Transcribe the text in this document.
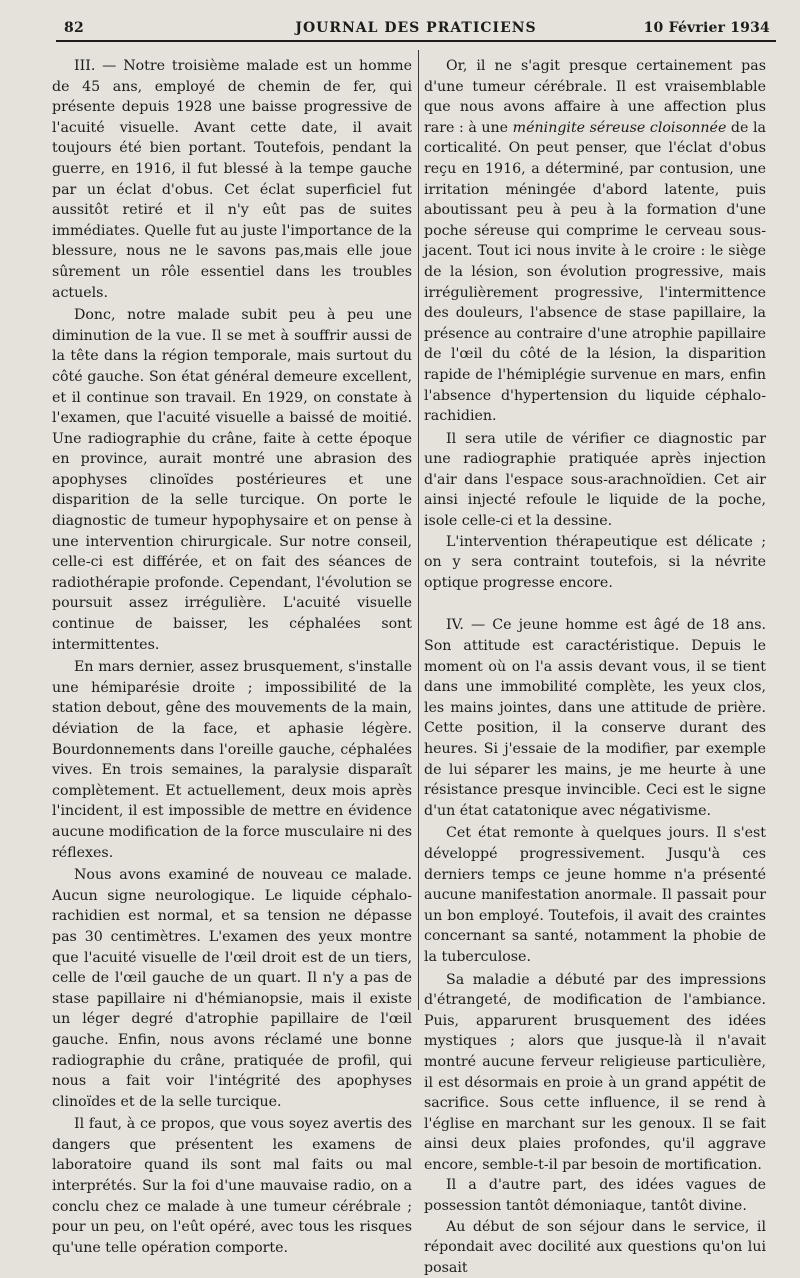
82	JOURNAL DES PRATICIENS	10 Février 1934

III. — Notre troisième malade est un homme de 45 ans, employé de chemin de fer, qui présente depuis 1928 une baisse progressive de l'acuité visuelle. Avant cette date, il avait toujours été bien portant. Toutefois, pendant la guerre, en 1916, il fut blessé à la tempe gauche par un éclat d'obus. Cet éclat superficiel fut aussitôt retiré et il n'y eût pas de suites immédiates. Quelle fut au juste l'importance de la blessure, nous ne le savons pas,mais elle joue sûrement un rôle essentiel dans les troubles actuels.

Donc, notre malade subit peu à peu une diminution de la vue. Il se met à souffrir aussi de la tête dans la région temporale, mais surtout du côté gauche. Son état général demeure excellent, et il continue son travail. En 1929, on constate à l'examen, que l'acuité visuelle a baissé de moitié. Une radiographie du crâne, faite à cette époque en province, aurait montré une abrasion des apophyses clinoïdes postérieures et une disparition de la selle turcique. On porte le diagnostic de tumeur hypophysaire et on pense à une intervention chirurgicale. Sur notre conseil, celle-ci est différée, et on fait des séances de radiothérapie profonde. Cependant, l'évolution se poursuit assez irrégulière. L'acuité visuelle continue de baisser, les céphalées sont intermittentes.

En mars dernier, assez brusquement, s'installe une hémiparésie droite ; impossibilité de la station debout, gêne des mouvements de la main, déviation de la face, et aphasie légère. Bourdonnements dans l'oreille gauche, céphalées vives. En trois semaines, la paralysie disparaît complètement. Et actuellement, deux mois après l'incident, il est impossible de mettre en évidence aucune modification de la force musculaire ni des réflexes.

Nous avons examiné de nouveau ce malade. Aucun signe neurologique. Le liquide céphalo-rachidien est normal, et sa tension ne dépasse pas 30 centimètres. L'examen des yeux montre que l'acuité visuelle de l'œil droit est de un tiers, celle de l'œil gauche de un quart. Il n'y a pas de stase papillaire ni d'hémianopsie, mais il existe un léger degré d'atrophie papillaire de l'œil gauche. Enfin, nous avons réclamé une bonne radiographie du crâne, pratiquée de profil, qui nous a fait voir l'intégrité des apophyses clinoïdes et de la selle turcique.

Il faut, à ce propos, que vous soyez avertis des dangers que présentent les examens de laboratoire quand ils sont mal faits ou mal interprétés. Sur la foi d'une mauvaise radio, on a conclu chez ce malade à une tumeur cérébrale ; pour un peu, on l'eût opéré, avec tous les risques qu'une telle opération comporte.

Or, il ne s'agit presque certainement pas d'une tumeur cérébrale. Il est vraisemblable que nous avons affaire à une affection plus rare : à une méningite séreuse cloisonnée de la corticalité. On peut penser, que l'éclat d'obus reçu en 1916, a déterminé, par contusion, une irritation méningée d'abord latente, puis aboutissant peu à peu à la formation d'une poche séreuse qui comprime le cerveau sous-jacent. Tout ici nous invite à le croire : le siège de la lésion, son évolution progressive, mais irrégulièrement progressive, l'intermittence des douleurs, l'absence de stase papillaire, la présence au contraire d'une atrophie papillaire de l'œil du côté de la lésion, la disparition rapide de l'hémiplégie survenue en mars, enfin l'absence d'hypertension du liquide céphalo-rachidien.

Il sera utile de vérifier ce diagnostic par une radiographie pratiquée après injection d'air dans l'espace sous-arachnoïdien. Cet air ainsi injecté refoule le liquide de la poche, isole celle-ci et la dessine.

L'intervention thérapeutique est délicate ; on y sera contraint toutefois, si la névrite optique progresse encore.

IV. — Ce jeune homme est âgé de 18 ans. Son attitude est caractéristique. Depuis le moment où on l'a assis devant vous, il se tient dans une immobilité complète, les yeux clos, les mains jointes, dans une attitude de prière. Cette position, il la conserve durant des heures. Si j'essaie de la modifier, par exemple de lui séparer les mains, je me heurte à une résistance presque invincible. Ceci est le signe d'un état catatonique avec négativisme.

Cet état remonte à quelques jours. Il s'est développé progressivement. Jusqu'à ces derniers temps ce jeune homme n'a présenté aucune manifestation anormale. Il passait pour un bon employé. Toutefois, il avait des craintes concernant sa santé, notamment la phobie de la tuberculose.

Sa maladie a débuté par des impressions d'étrangeté, de modification de l'ambiance. Puis, apparurent brusquement des idées mystiques ; alors que jusque-là il n'avait montré aucune ferveur religieuse particulière, il est désormais en proie à un grand appétit de sacrifice. Sous cette influence, il se rend à l'église en marchant sur les genoux. Il se fait ainsi deux plaies profondes, qu'il aggrave encore, semble-t-il par besoin de mortification.

Il a d'autre part, des idées vagues de possession tantôt démoniaque, tantôt divine.

Au début de son séjour dans le service, il répondait avec docilité aux questions qu'on lui posait
